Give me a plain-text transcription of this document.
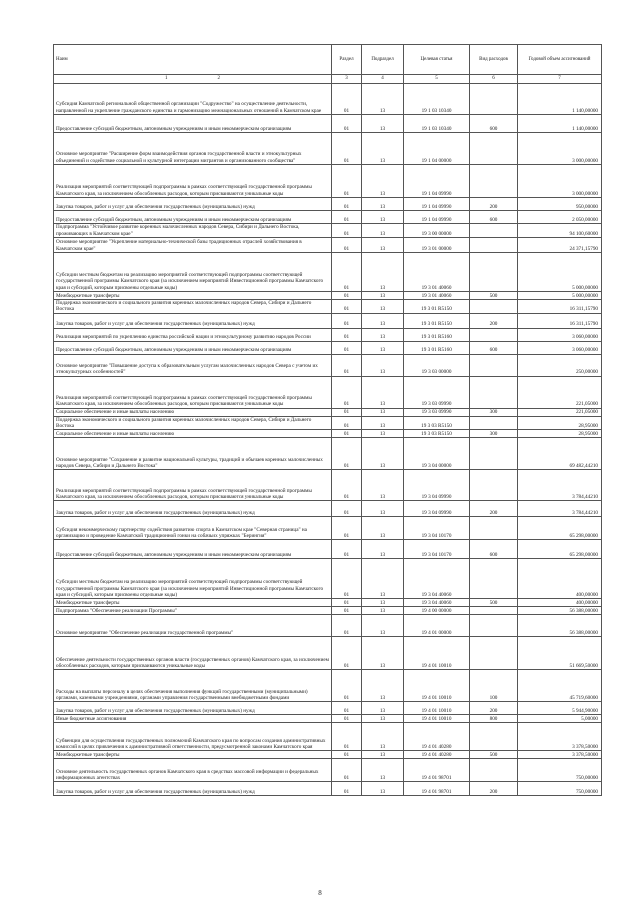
Наим	Раздел	Подраздел	Целевая статья	Вид расходов	Годовой объем ассигнований
1 2	3	4	5	6	7
Субсидия Камчатской региональной общественной организации "Содружество" на осуществление деятельности, направленной на укрепление гражданского единства и гармонизацию межнациональных отношений в Камчатском крае	01	13	19 1 03 10340		1 140,00000
Предоставление субсидий бюджетным, автономным учреждениям и иным некоммерческим организациям	01	13	19 1 03 10340	600	1 140,00000
Основное мероприятие "Расширение форм взаимодействия органов государственной власти и этнокультурных объединений и содействие социальной и культурной интеграции мигрантов и организованного сообщества"	01	13	19 1 04 00000		3 000,00000
Реализация мероприятий соответствующей подпрограммы в рамках соответствующей государственной программы Камчатского края, за исключением обособленных расходов, которым присваиваются уникальные коды	01	13	19 1 04 09990		3 000,00000
Закупка товаров, работ и услуг для обеспечения государственных (муниципальных) нужд	01	13	19 1 04 09990	200	950,00000
Предоставление субсидий бюджетным, автономным учреждениям и иным некоммерческим организациям	01	13	19 1 04 09990	600	2 050,00000
Подпрограмма "Устойчивое развитие коренных малочисленных народов Севера, Сибири и Дальнего Востока, проживающих в Камчатском крае"	01	13	19 3 00 00000		94 100,60000
Основное мероприятие "Укрепление материально-технической базы традиционных отраслей хозяйствования в Камчатском крае"	01	13	19 3 01 00000		24 371,15790
Субсидии местным бюджетам на реализацию мероприятий соответствующей подпрограммы соответствующей государственной программы Камчатского края (за исключением мероприятий Инвестиционной программы Камчатского края и субсидий, которым присвоены отдельные коды)	01	13	19 3 01 40060		5 000,00000
Межбюджетные трансферты	01	13	19 3 01 40060	500	5 000,00000
Поддержка экономического и социального развития коренных малочисленных народов Севера, Сибири и Дальнего Востока	01	13	19 3 01 R5150		16 311,15790
Закупка товаров, работ и услуг для обеспечения государственных (муниципальных) нужд	01	13	19 3 01 R5150	200	16 311,15790
Реализация мероприятий по укреплению единства российской нации и этнокультурному развитию народов России	01	13	19 3 01 R5160		3 060,00000
Предоставление субсидий бюджетным, автономным учреждениям и иным некоммерческим организациям	01	13	19 3 01 R5160	600	3 060,00000
Основное мероприятие "Повышение доступа к образовательным услугам малочисленных народов Севера с учетом их этнокультурных особенностей"	01	13	19 3 03 00000		250,00000
Реализация мероприятий соответствующей подпрограммы в рамках соответствующей государственной программы Камчатского края, за исключением обособленных расходов, которым присваиваются уникальные коды	01	13	19 3 03 09990		221,05000
Социальное обеспечение и иные выплаты населению	01	13	19 3 03 09990	300	221,05000
Поддержка экономического и социального развития коренных малочисленных народов Севера, Сибири и Дальнего Востока	01	13	19 3 03 R5150		28,95000
Социальное обеспечение и иные выплаты населению	01	13	19 3 03 R5150	300	28,95000
Основное мероприятие "Сохранение и развитие национальной культуры, традиций и обычаев коренных малочисленных народов Севера, Сибири и Дальнего Востока"	01	13	19 3 04 00000		69 482,44210
Реализация мероприятий соответствующей подпрограммы в рамках соответствующей государственной программы Камчатского края, за исключением обособленных расходов, которым присваиваются уникальные коды	01	13	19 3 04 09990		3 784,44210
Закупка товаров, работ и услуг для обеспечения государственных (муниципальных) нужд	01	13	19 3 04 09990	200	3 784,44210
Субсидия некоммерческому партнерству содействия развитию спорта в Камчатском крае "Северная страница" на организацию и проведение Камчатской традиционной гонки на собачьих упряжках "Берингия"	01	13	19 3 04 10170		65 298,00000
Предоставление субсидий бюджетным, автономным учреждениям и иным некоммерческим организациям	01	13	19 3 04 10170	600	65 298,00000
Субсидии местным бюджетам на реализацию мероприятий соответствующей подпрограммы соответствующей государственной программы Камчатского края (за исключением мероприятий Инвестиционной программы Камчатского края и субсидий, которым присвоены отдельные коды)	01	13	19 3 04 40060		400,00000
Межбюджетные трансферты	01	13	19 3 04 40060	500	400,00000
Подпрограмма "Обеспечение реализации Программы"	01	13	19 4 00 00000		56 388,00000
Основное мероприятие "Обеспечение реализации государственной программы"	01	13	19 4 01 00000		56 388,00000
Обеспечение деятельности государственных органов власти (государственных органов) Камчатского края, за исключением обособленных расходов, которым присваиваются уникальные коды	01	13	19 4 01 10010		51 669,50000
Расходы на выплаты персоналу в целях обеспечения выполнения функций государственными (муниципальными) органами, казенными учреждениями, органами управления государственными внебюджетными фондами	01	13	19 4 01 10010	100	45 719,60000
Закупка товаров, работ и услуг для обеспечения государственных (муниципальных) нужд	01	13	19 4 01 10010	200	5 944,90000
Иные бюджетные ассигнования	01	13	19 4 01 10010	800	5,00000
Субвенции для осуществления государственных полномочий Камчатского края по вопросам создания административных комиссий в целях привлечения к административной ответственности, предусмотренной законами Камчатского края	01	13	19 4 01 40280		3 378,50000
Межбюджетные трансферты	01	13	19 4 01 40280	500	3 378,50000
Основное деятельность государственных органов Камчатского края в средствах массовой информации и федеральных информационных агентствах	01	13	19 4 01 98701		750,00000
Закупка товаров, работ и услуг для обеспечения государственных (муниципальных) нужд	01	13	19 4 01 98701	200	750,00000
8
